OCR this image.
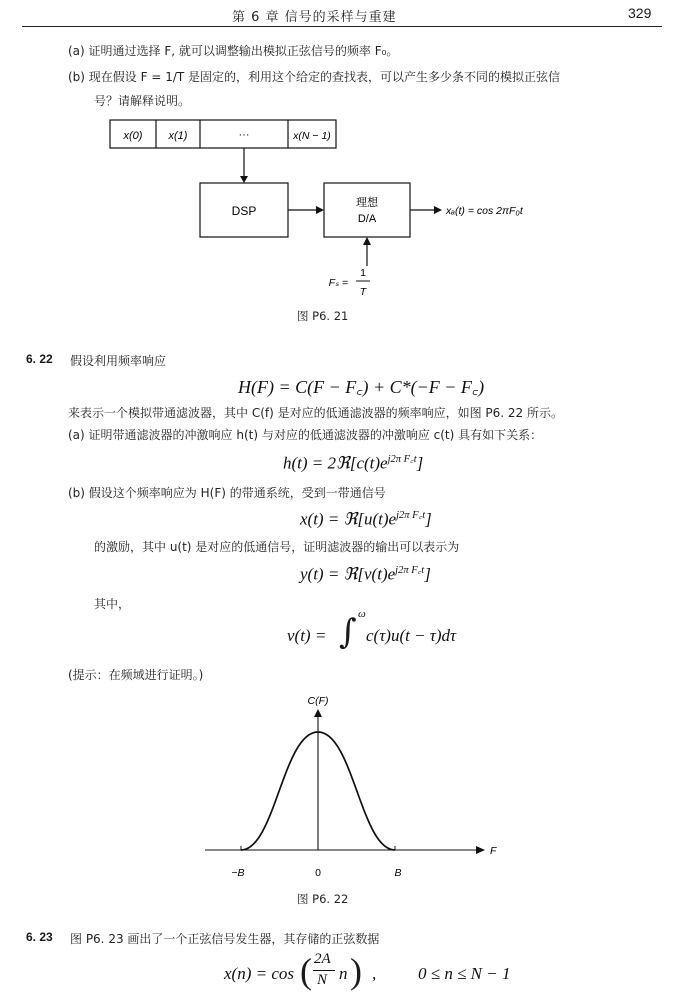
第 6 章 信号的采样与重建	329
(a) 证明通过选择 F, 就可以调整输出模拟正弦信号的频率 F₀。
(b) 现在假设 F = 1/T 是固定的，利用这个给定的查找表，可以产生多少条不同的模拟正弦信
号？请解释说明。
x(0) x(1)	···	x(N − 1)
DSP
理想
D/A
xₐ(t) = cos 2πF₀t
Fₛ =
1
T
图 P6. 21
6. 22 假设利用频率响应
H(F) = C(F − F꜀) + C*(−F − F꜀)
来表示一个模拟带通滤波器，其中 C(f) 是对应的低通滤波器的频率响应，如图 P6. 22 所示。
(a) 证明带通滤波器的冲激响应 h(t) 与对应的低通滤波器的冲激响应 c(t) 具有如下关系：
$h(t) = 2ℜ[c(t)e^{j2\pi F꜀t}]$
(b) 假设这个频率响应为 H(F) 的带通系统，受到一带通信号
$x(t) = ℜ[u(t)e^{j2\pi F꜀t}]$
的激励，其中 u(t) 是对应的低通信号，证明滤波器的输出可以表示为
$y(t) = ℜ[v(t)e^{j2\pi F꜀t}]$
其中，
v(t) = ∫ ω
c(τ)u(t − τ)dτ
(提示：在频域进行证明。)
C(F)
F
−B	0	B
图 P6. 22
6. 23 图 P6. 23 画出了一个正弦信号发生器，其存储的正弦数据
x(n) = cos ( 2A
N n ) , 0 ≤ n ≤ N − 1
